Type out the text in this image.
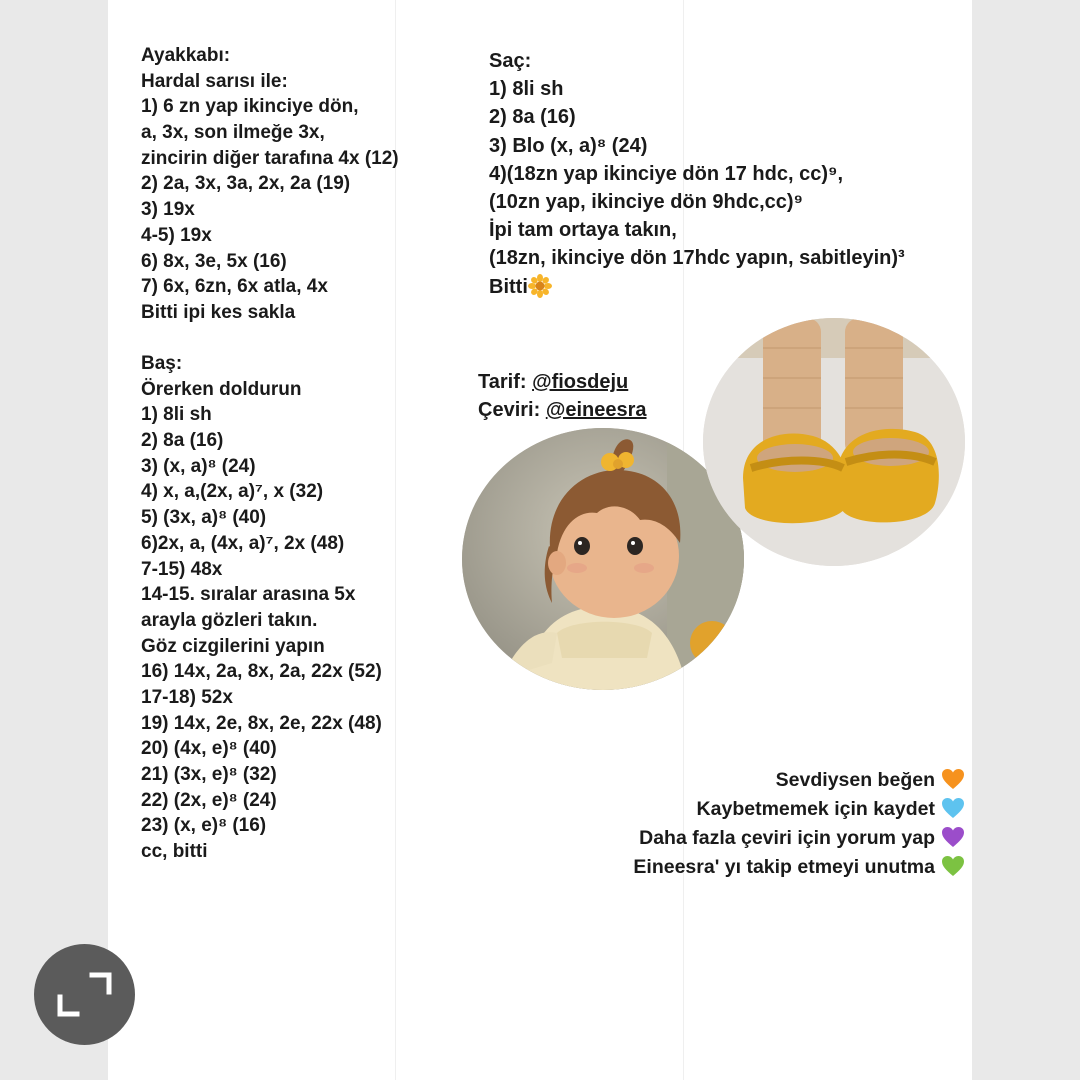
Ayakkabı:
Hardal sarısı ile:
1) 6 zn yap ikinciye dön,
a, 3x, son ilmeğe 3x,
zincirin diğer tarafına 4x (12)
2) 2a, 3x, 3a, 2x, 2a (19)
3) 19x
4-5) 19x
6) 8x, 3e, 5x (16)
7) 6x, 6zn, 6x atla, 4x
Bitti ipi kes sakla
Baş:
Örerken doldurun
1) 8li sh
2) 8a (16)
3) (x, a)⁸ (24)
4) x, a,(2x, a)⁷, x (32)
5) (3x, a)⁸ (40)
6)2x, a, (4x, a)⁷, 2x (48)
7-15) 48x
14-15. sıralar arasına 5x
arayla gözleri takın.
Göz cizgilerini yapın
16) 14x, 2a, 8x, 2a, 22x (52)
17-18) 52x
19) 14x, 2e, 8x, 2e, 22x (48)
20) (4x, e)⁸ (40)
21) (3x, e)⁸ (32)
22) (2x, e)⁸ (24)
23) (x, e)⁸ (16)
cc, bitti
Saç:
1) 8li sh
2) 8a (16)
3) Blo (x, a)⁸ (24)
4)(18zn yap ikinciye dön 17 hdc, cc)⁹,
(10zn yap, ikinciye dön 9hdc,cc)⁹
İpi tam ortaya takın,
(18zn, ikinciye dön 17hdc yapın, sabitleyin)³
Bitti
Tarif: @fiosdeju
Çeviri: @eineesra
Sevdiysen beğen
Kaybetmemek için kaydet
Daha fazla çeviri için yorum yap
Eineesra' yı takip etmeyi unutma
